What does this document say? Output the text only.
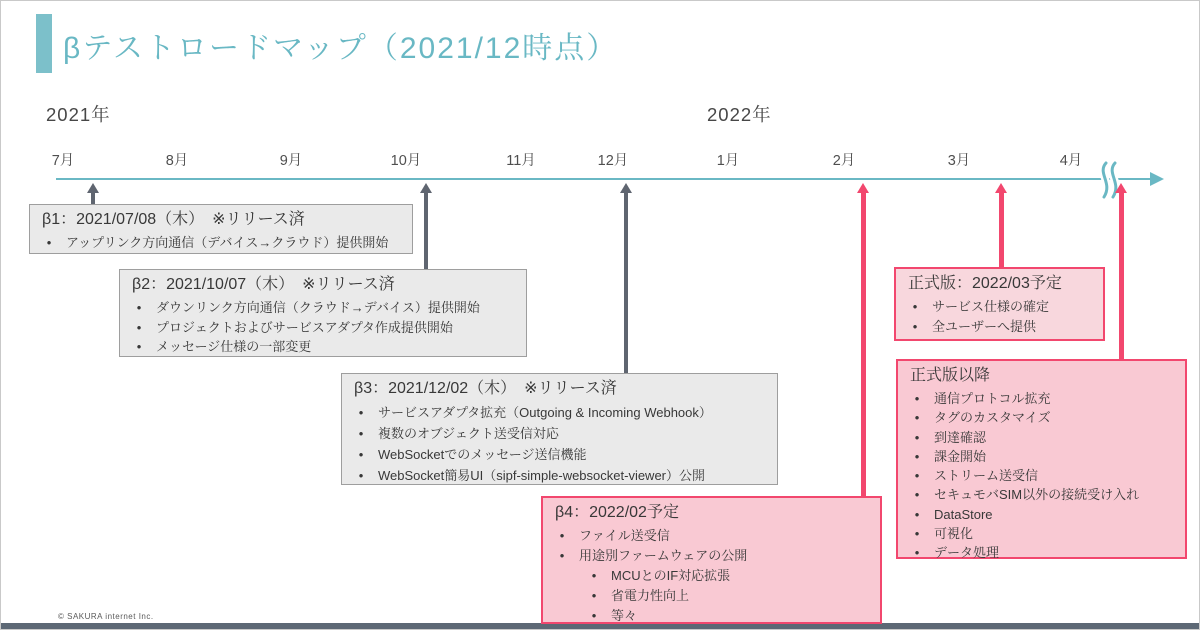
βテストロードマップ（2021/12時点）
2021年	2022年
7月	8月	9月	10月	11月	12月	1月	2月	3月	4月
β1：2021/07/08（木）　※リリース済
• アップリンク方向通信（デバイス→クラウド）提供開始
β2：2021/10/07（木）　※リリース済
• ダウンリンク方向通信（クラウド→デバイス）提供開始
• プロジェクトおよびサービスアダプタ作成提供開始
• メッセージ仕様の一部変更
β3：2021/12/02（木）　※リリース済
• サービスアダプタ拡充（Outgoing & Incoming Webhook）
• 複数のオブジェクト送受信対応
• WebSocketでのメッセージ送信機能
• WebSocket簡易UI（sipf-simple-websocket-viewer）公開
β4：2022/02予定
• ファイル送受信
• 用途別ファームウェアの公開
• MCUとのIF対応拡張
• 省電力性向上
• 等々
正式版：2022/03予定
• サービス仕様の確定
• 全ユーザーへ提供
正式版以降
• 通信プロトコル拡充
• タグのカスタマイズ
• 到達確認
• 課金開始
• ストリーム送受信
• セキュモバSIM以外の接続受け入れ
• DataStore
• 可視化
• データ処理
© SAKURA internet Inc.
